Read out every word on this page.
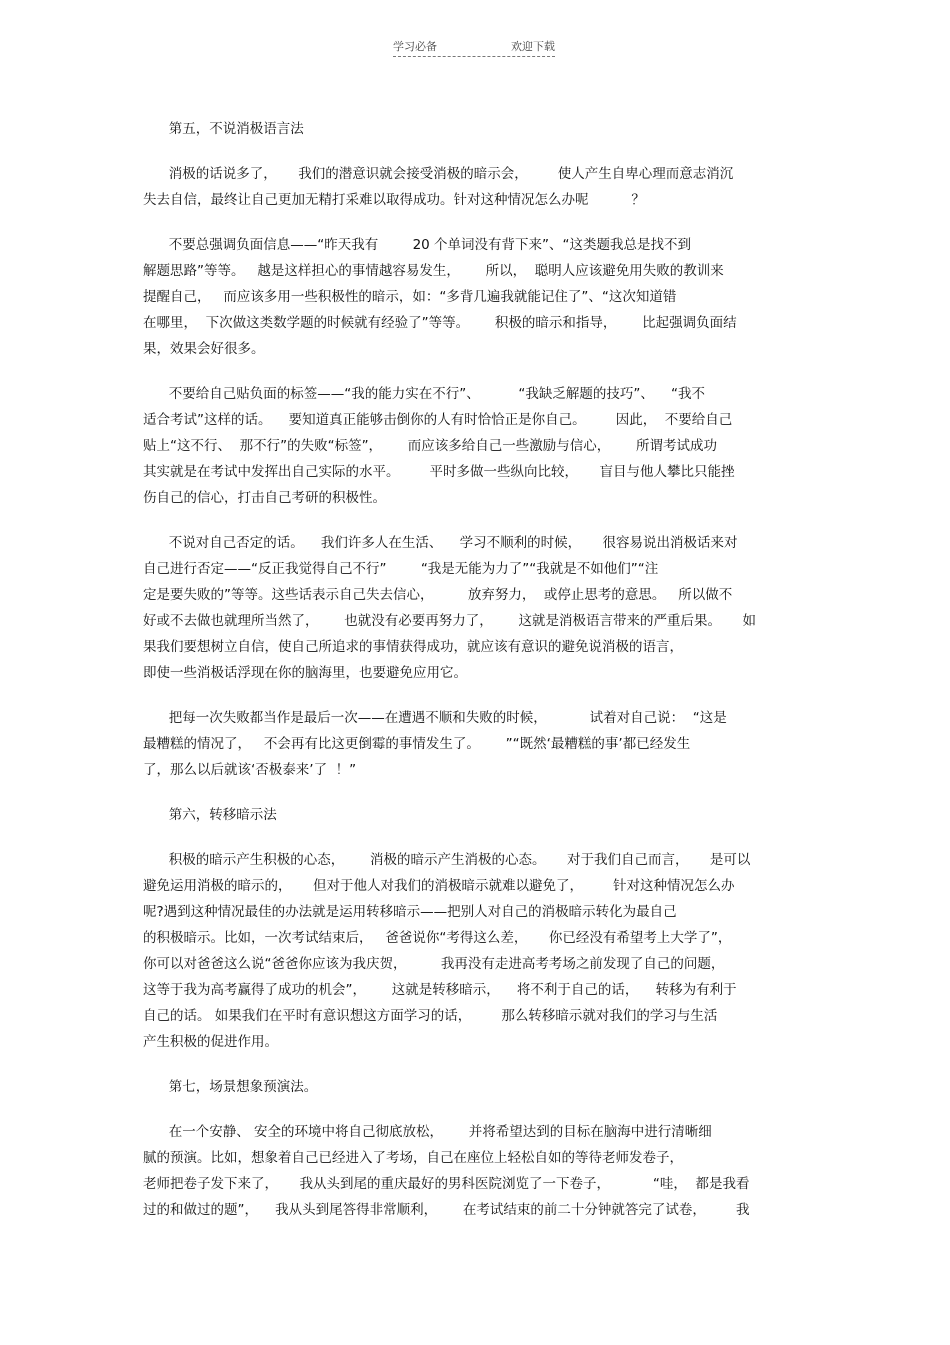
学习必备	欢迎下载
第五，不说消极语言法
消极的话说多了，     我们的潜意识就会接受消极的暗示会，       使人产生自卑心理而意志消沉
失去自信，最终让自己更加无精打采难以取得成功。针对这种情况怎么办呢          ？
不要总强调负面信息——“昨天我有        20 个单词没有背下来”、“这类题我总是找不到
解题思路”等等。   越是这样担心的事情越容易发生，      所以，  聪明人应该避免用失败的教训来
提醒自己，   而应该多用一些积极性的暗示，如：“多背几遍我就能记住了”、“这次知道错
在哪里，  下次做这类数学题的时候就有经验了”等等。      积极的暗示和指导，      比起强调负面结
果，效果会好很多。
不要给自己贴负面的标签——“我的能力实在不行”、         “我缺乏解题的技巧”、    “我不
适合考试”这样的话。    要知道真正能够击倒你的人有时恰恰正是你自己。       因此，  不要给自己
贴上“这不行、  那不行”的失败“标签”，      而应该多给自己一些激励与信心，      所谓考试成功
其实就是在考试中发挥出自己实际的水平。       平时多做一些纵向比较，     盲目与他人攀比只能挫
伤自己的信心，打击自己考研的积极性。
不说对自己否定的话。    我们许多人在生活、    学习不顺利的时候，     很容易说出消极话来对
自己进行否定——“反正我觉得自己不行”        “我是无能为力了”“我就是不如他们”“注
定是要失败的”等等。这些话表示自己失去信心，        放弃努力，  或停止思考的意思。   所以做不
好或不去做也就理所当然了，      也就没有必要再努力了，      这就是消极语言带来的严重后果。     如
果我们要想树立自信，使自己所追求的事情获得成功，就应该有意识的避免说消极的语言，
即使一些消极话浮现在你的脑海里，也要避免应用它。
把每一次失败都当作是最后一次——在遭遇不顺和失败的时候，          试着对自己说：  “这是
最糟糕的情况了，   不会再有比这更倒霉的事情发生了。      ”“既然‘最糟糕的事’都已经发生
了，那么以后就该‘否极泰来’了  ！”
第六，转移暗示法
积极的暗示产生积极的心态，      消极的暗示产生消极的心态。     对于我们自己而言，     是可以
避免运用消极的暗示的，     但对于他人对我们的消极暗示就难以避免了，       针对这种情况怎么办
呢?遇到这种情况最佳的办法就是运用转移暗示——把别人对自己的消极暗示转化为最自己
的积极暗示。比如，一次考试结束后，   爸爸说你“考得这么差，     你已经没有希望考上大学了”，
你可以对爸爸这么说“爸爸你应该为我庆贺，        我再没有走进高考考场之前发现了自己的问题，
这等于我为高考赢得了成功的机会”，      这就是转移暗示，    将不利于自己的话，    转移为有利于
自己的话。 如果我们在平时有意识想这方面学习的话，       那么转移暗示就对我们的学习与生活
产生积极的促进作用。
第七，场景想象预演法。
在一个安静、 安全的环境中将自己彻底放松，      并将希望达到的目标在脑海中进行清晰细
腻的预演。比如，想象着自己已经进入了考场，自己在座位上轻松自如的等待老师发卷子，
老师把卷子发下来了，     我从头到尾的重庆最好的男科医院浏览了一下卷子，          “哇，  都是我看
过的和做过的题”，    我从头到尾答得非常顺利，      在考试结束的前二十分钟就答完了试卷，       我
